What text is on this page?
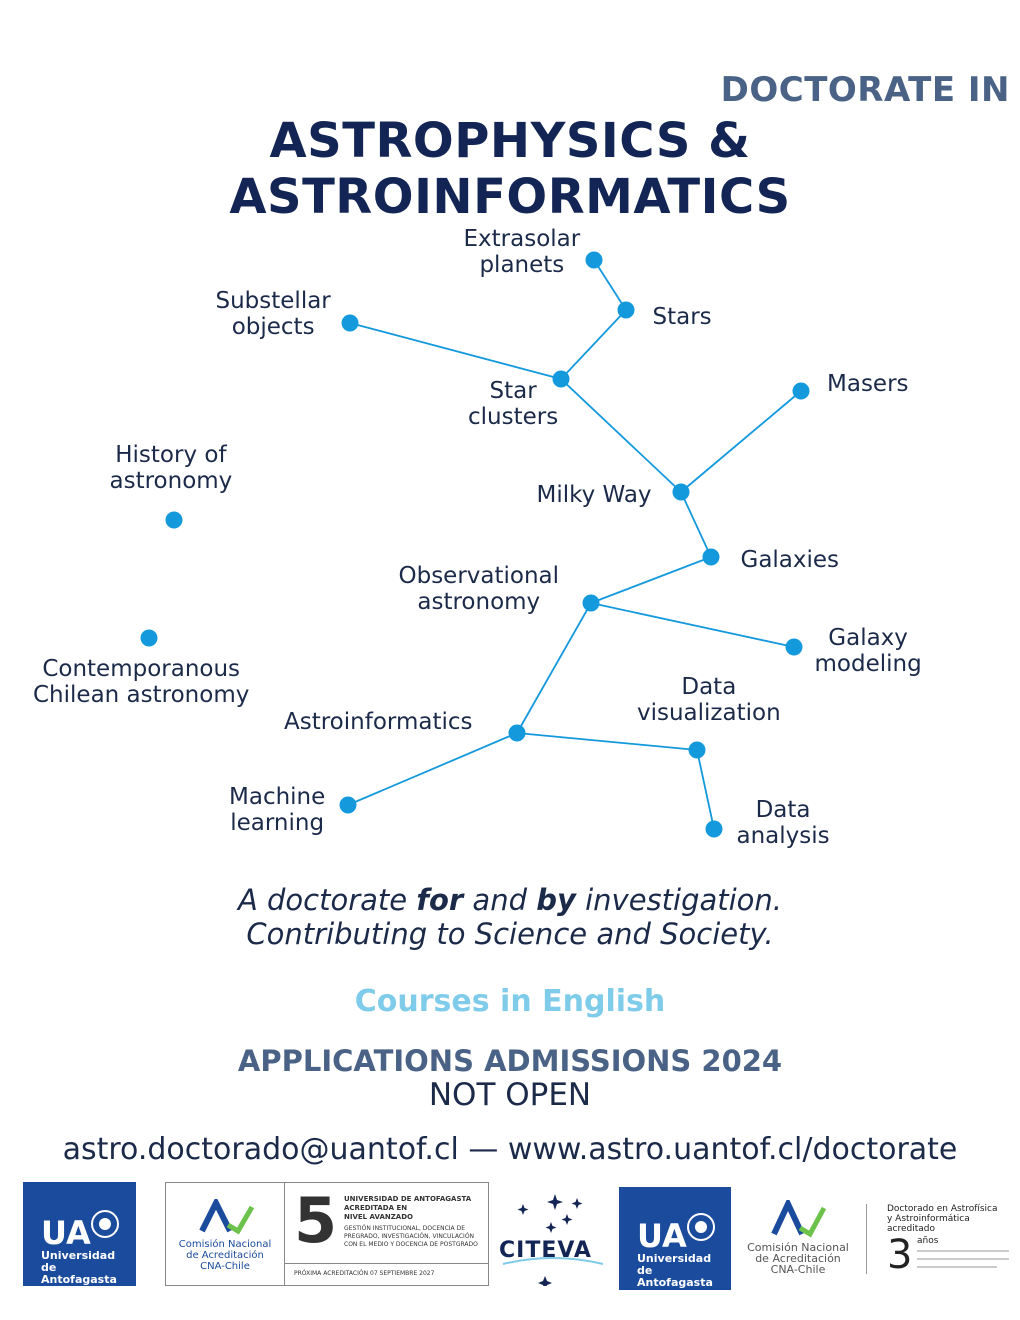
DOCTORATE IN
ASTROPHYSICS & ASTROINFORMATICS
Extrasolar
planets
Stars
Substellar
objects
Star
clusters
Masers
History of
astronomy
Milky Way
Galaxies
Observational
astronomy
Contemporanous
Chilean astronomy
Galaxy
modeling
Data
visualization
Astroinformatics
Machine
learning	Data
analysis
A doctorate for and by investigation.
Contributing to Science and Society.
Courses in English
APPLICATIONS ADMISSIONS 2024
NOT OPEN
astro.doctorado@uantof.cl — www.astro.uantof.cl/doctorate
UA
Universidad
de Antofagasta
Comisión Nacional
de Acreditación
CNA-Chile
5 UNIVERSIDAD DE ANTOFAGASTA
ACREDITADA EN
NIVEL AVANZADO
GESTIÓN INSTITUCIONAL, DOCENCIA DE
PREGRADO, INVESTIGACIÓN, VINCULACIÓN
CON EL MEDIO Y DOCENCIA DE POSTGRADO
PRÓXIMA ACREDITACIÓN 07 SEPTIEMBRE 2027
CITEVA UA
Universidad
de Antofagasta
Comisión Nacional
de Acreditación
CNA-Chile
Doctorado en Astrofísica
y Astroinformática
acreditado
3 años
